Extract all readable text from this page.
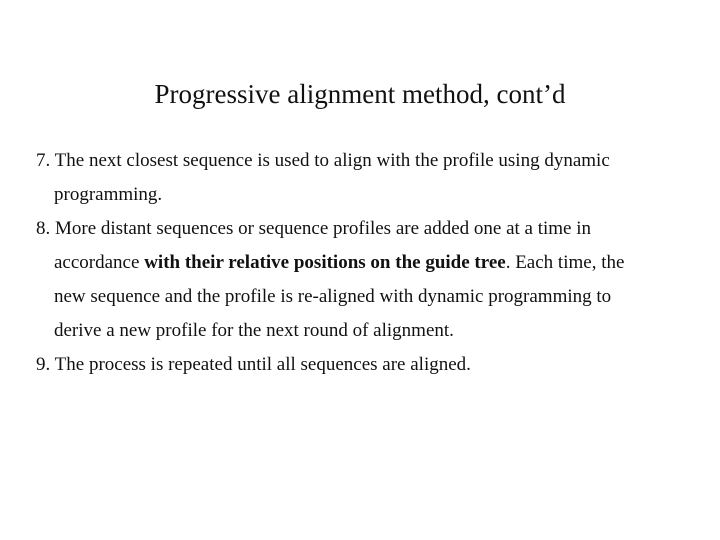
Progressive alignment method, cont’d

7. The next closest sequence is used to align with the profile using dynamic
programming.

8. More distant sequences or sequence profiles are added one at a time in
accordance with their relative positions on the guide tree. Each time, the
new sequence and the profile is re-aligned with dynamic programming to
derive a new profile for the next round of alignment.

9. The process is repeated until all sequences are aligned.
